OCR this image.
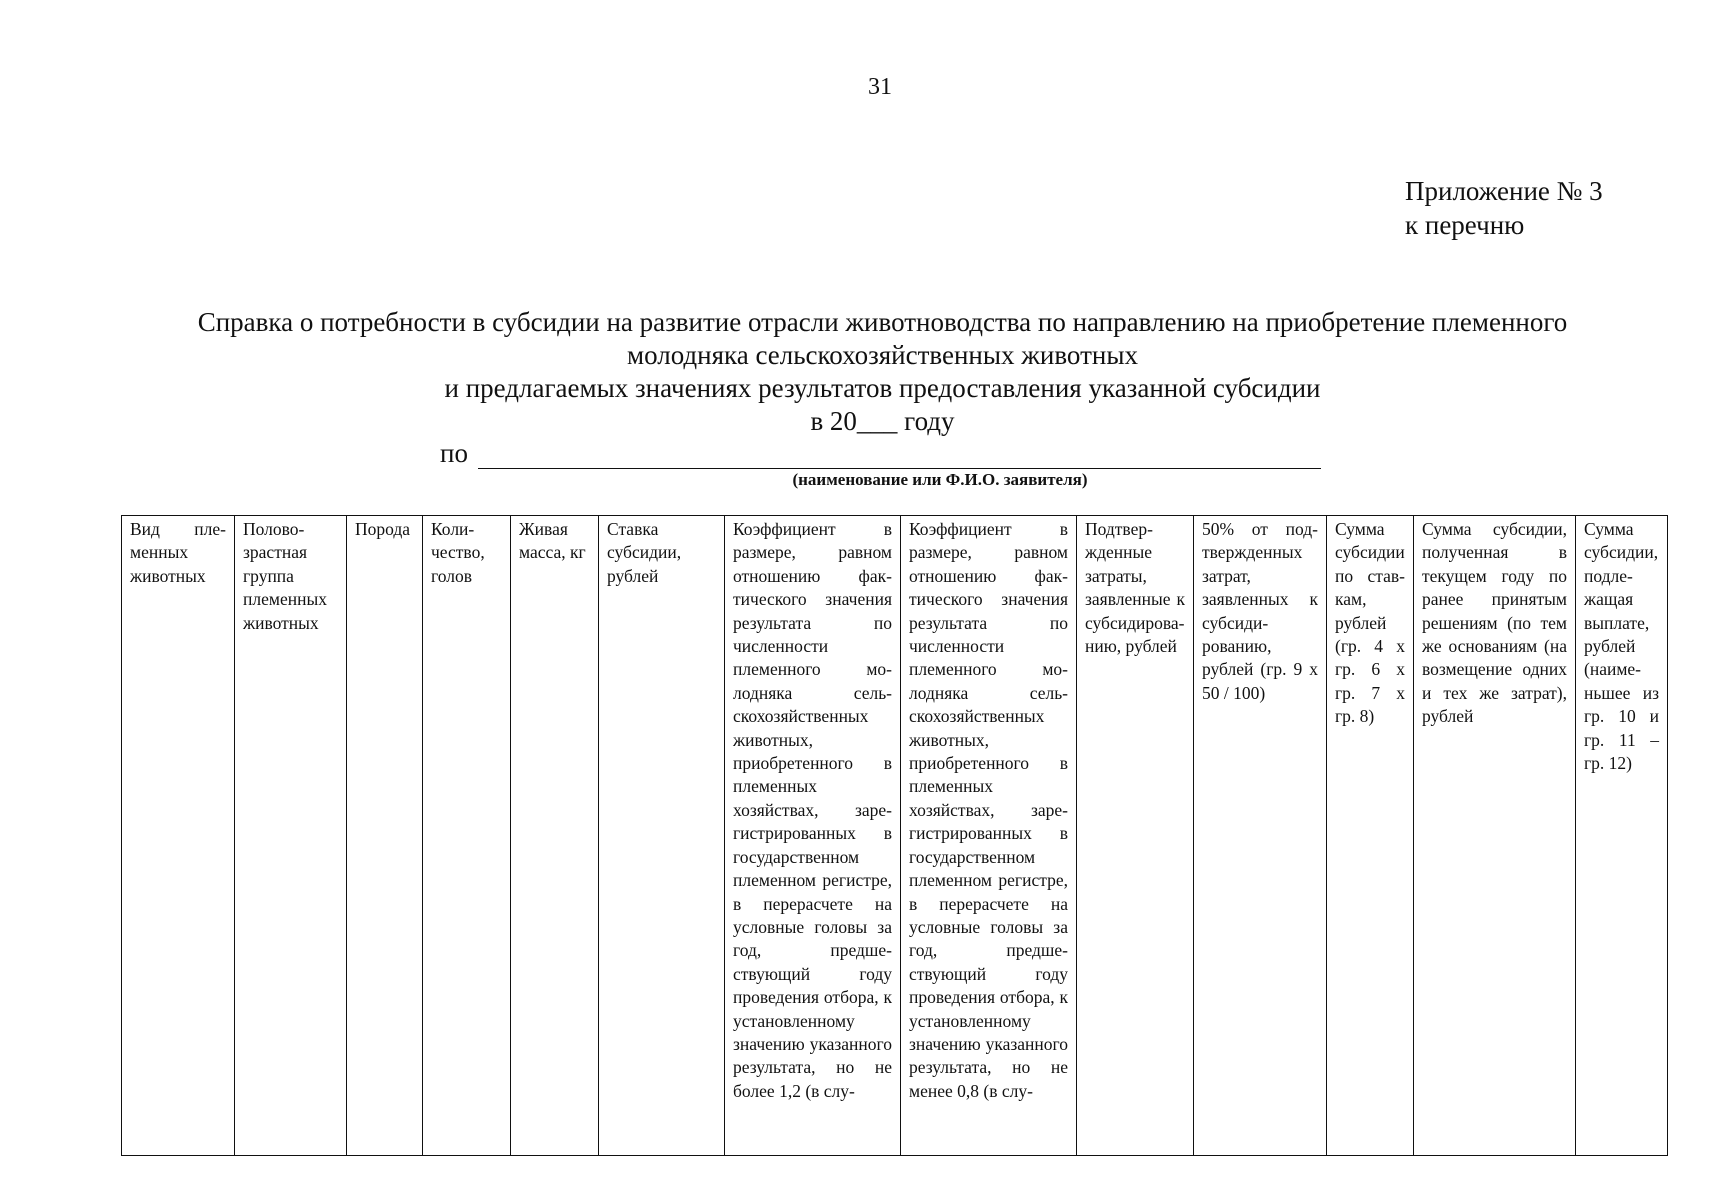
31
Приложение № 3
к перечню
Справка о потребности в субсидии на развитие отрасли животноводства по направлению на приобретение племенного
молодняка сельскохозяйственных животных
и предлагаемых значениях результатов предоставления указанной субсидии
в 20___ году
по
(наименование или Ф.И.О. заявителя)
Вид племенных животных	Половозрастная группа племенных животных	Порода	Количество, голов	Живая масса, кг	Ставка субсидии, рублей	Коэффициент в размере, равном отношению фактического значения результата по численности племенного молодняка сельскохозяйственных животных, приобретенного в племенных хозяйствах, зарегистрированных в государственном племенном регистре, в перерасчете на условные головы за год, предшествующий году проведения отбора, к установленному значению указанного результата, но не более 1,2 (в слу-	Коэффициент в размере, равном отношению фактического значения результата по численности племенного молодняка сельскохозяйственных животных, приобретенного в племенных хозяйствах, зарегистрированных в государственном племенном регистре, в перерасчете на условные головы за год, предшествующий году проведения отбора, к установленному значению указанного результата, но не менее 0,8 (в слу-	Подтвержденные затраты, заявленные к субсидированию, рублей	50% от подтвержденных затрат, заявленных к субсидированию, рублей (гр. 9 x 50 / 100)	Сумма субсидии по ставкам, рублей (гр. 4 x гр. 6 x гр. 7 x гр. 8)	Сумма субсидии, полученная в текущем году по ранее принятым решениям (по тем же основаниям (на возмещение одних и тех же затрат), рублей	Сумма субсидии, подлежащая выплате, рублей (наименьшее из гр. 10 и гр. 11 – гр. 12)
